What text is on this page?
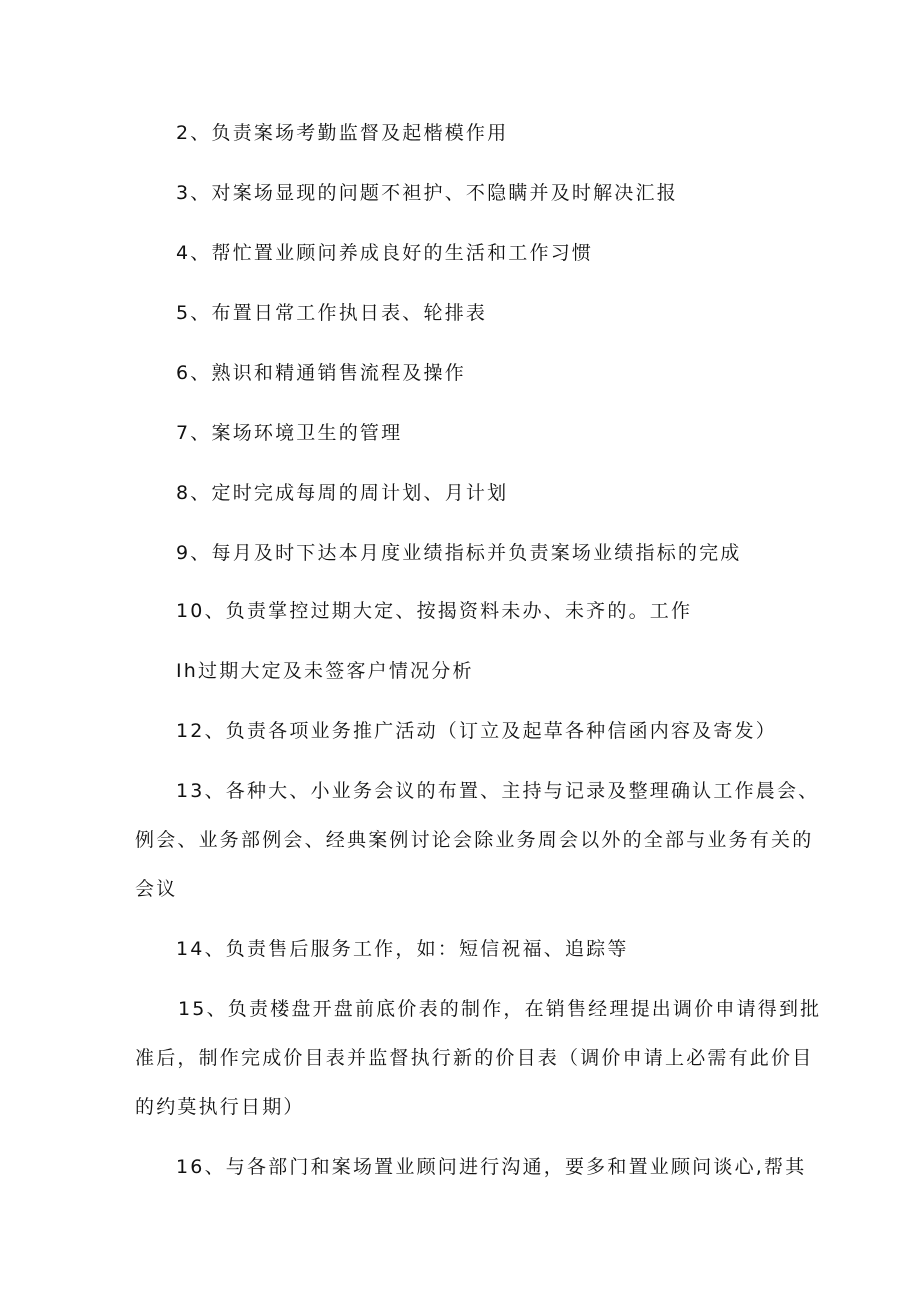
2、负责案场考勤监督及起楷模作用

3、对案场显现的问题不袒护、不隐瞒并及时解决汇报

4、帮忙置业顾问养成良好的生活和工作习惯

5、布置日常工作执日表、轮排表

6、熟识和精通销售流程及操作

7、案场环境卫生的管理

8、定时完成每周的周计划、月计划

9、每月及时下达本月度业绩指标并负责案场业绩指标的完成

10、负责掌控过期大定、按揭资料未办、未齐的。工作

Ih过期大定及未签客户情况分析

12、负责各项业务推广活动（订立及起草各种信函内容及寄发）

13、各种大、小业务会议的布置、主持与记录及整理确认工作晨会、

例会、业务部例会、经典案例讨论会除业务周会以外的全部与业务有关的

会议

14、负责售后服务工作，如：短信祝福、追踪等

15、负责楼盘开盘前底价表的制作，在销售经理提出调价申请得到批

准后，制作完成价目表并监督执行新的价目表（调价申请上必需有此价目

的约莫执行日期）

16、与各部门和案场置业顾问进行沟通，要多和置业顾问谈心,帮其
